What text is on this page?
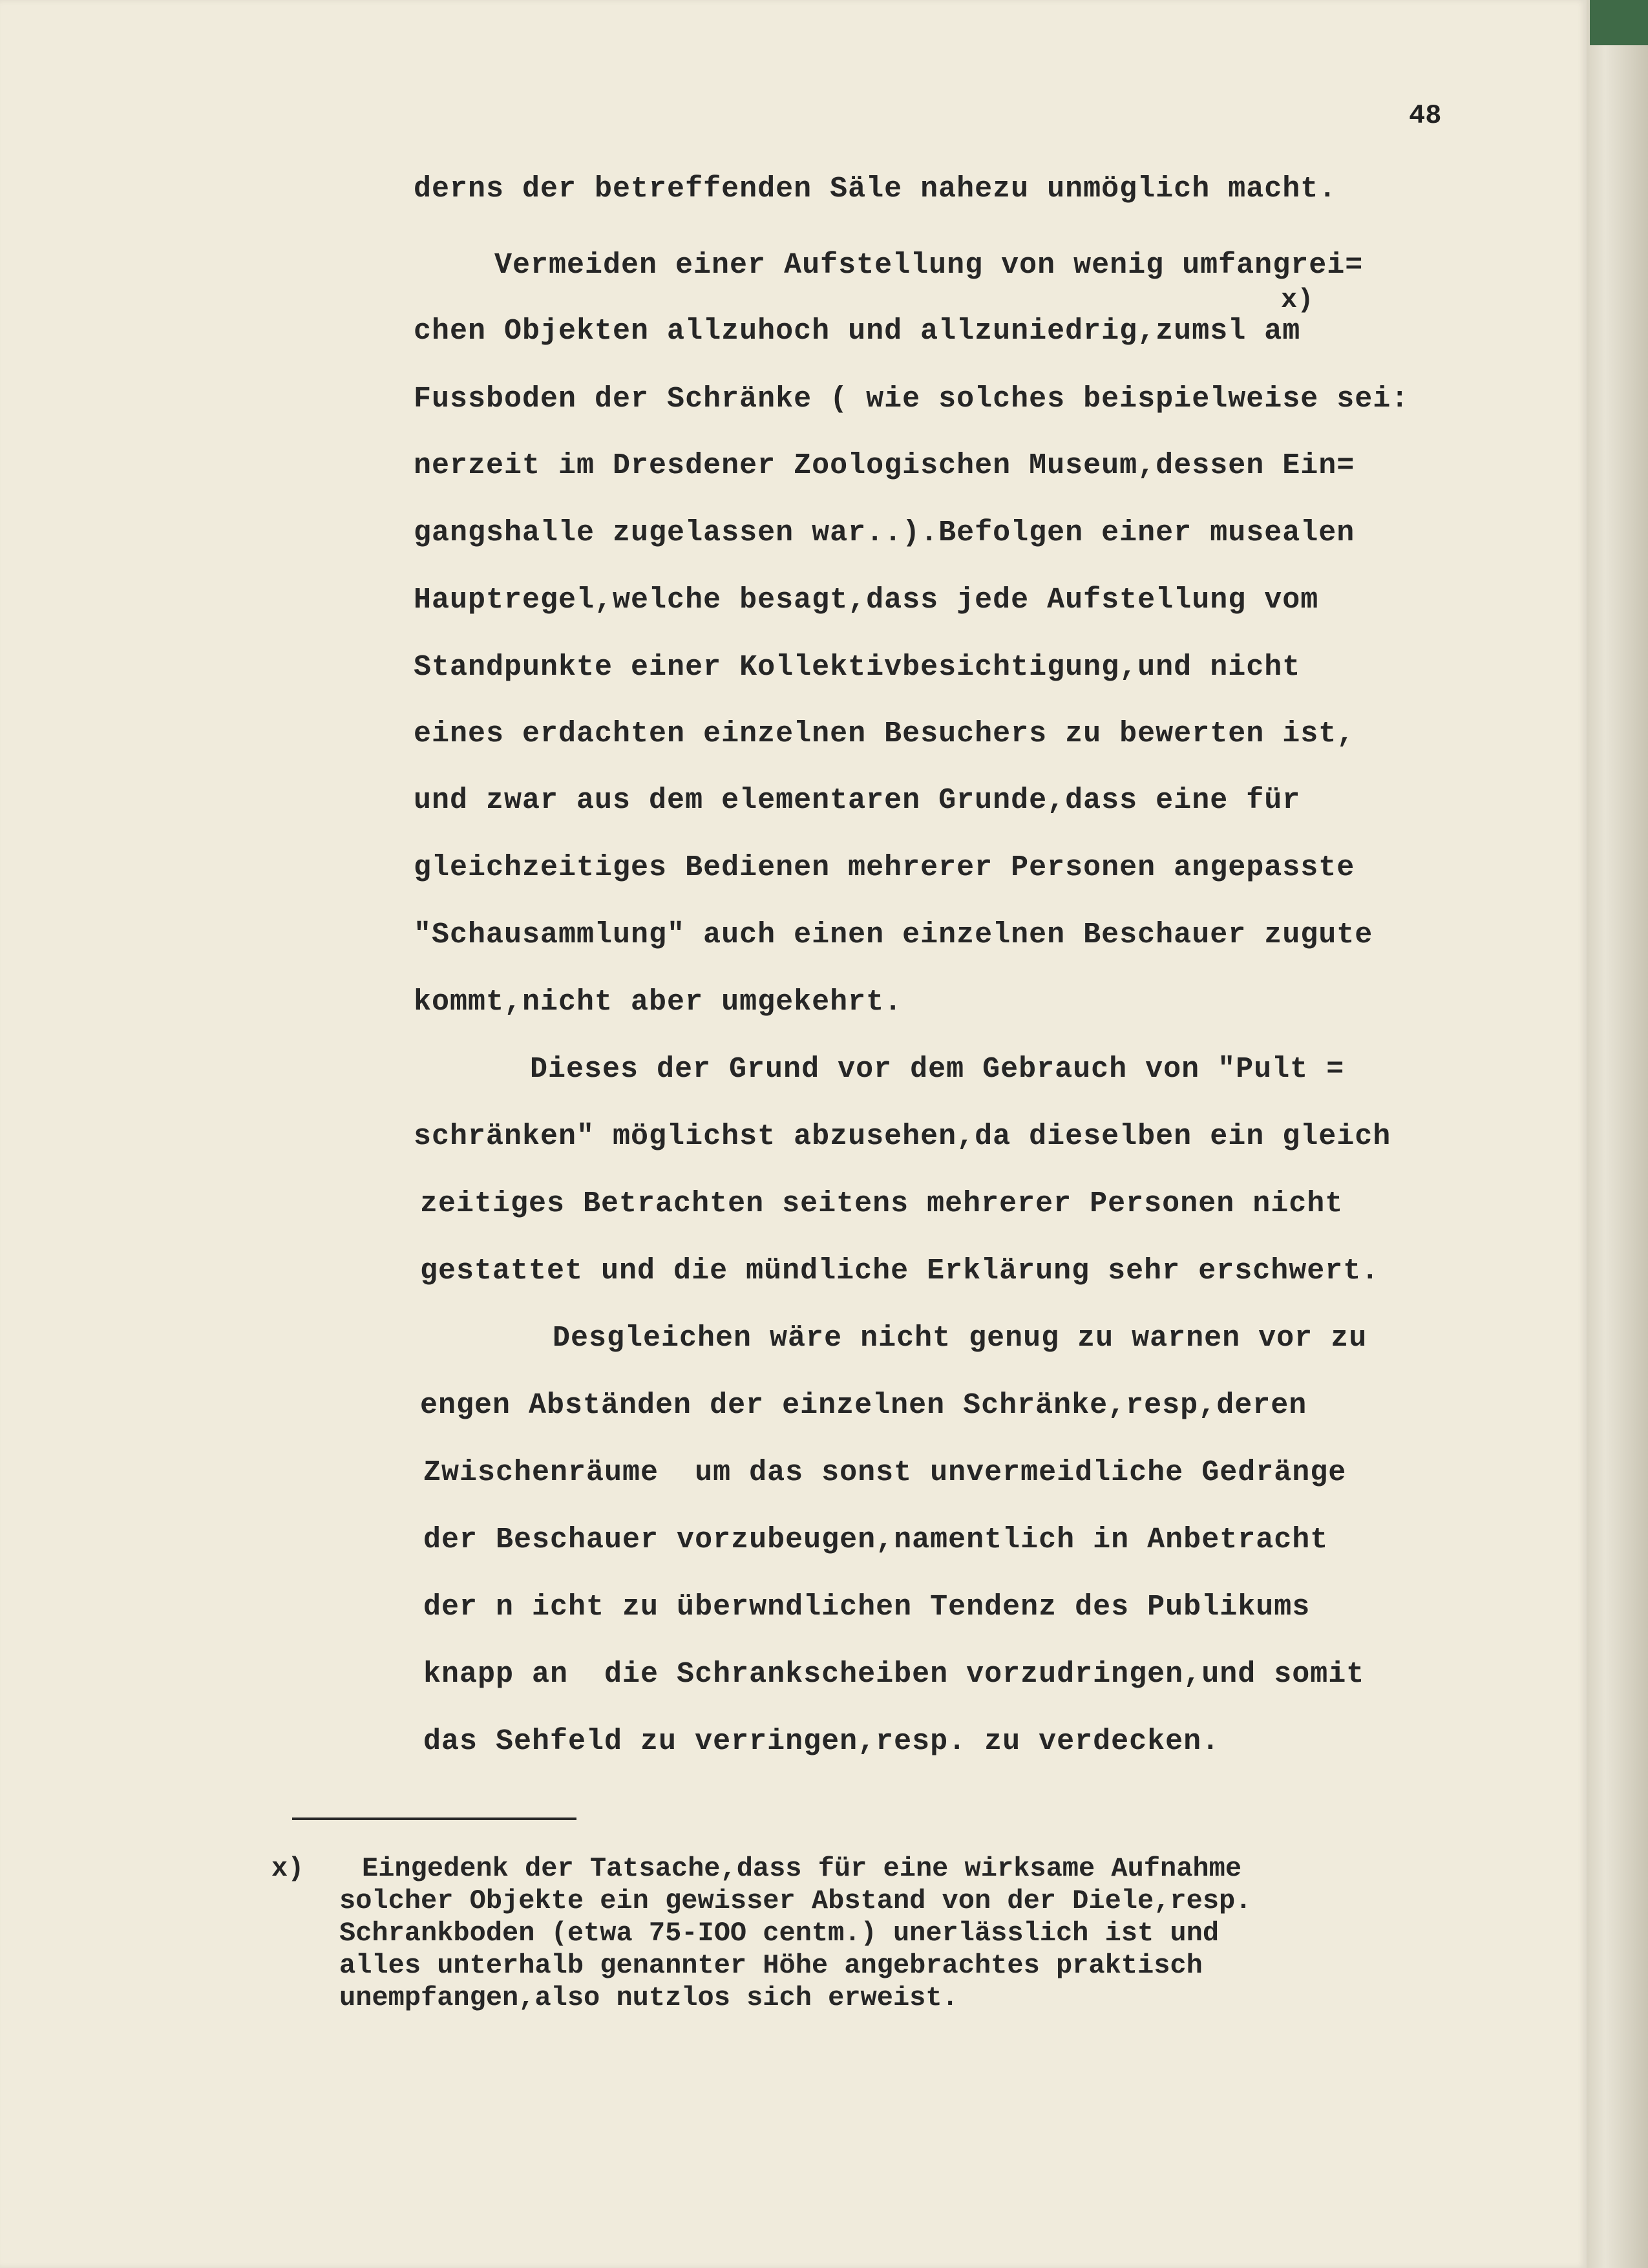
48
derns der betreffenden Säle nahezu unmöglich macht.
Vermeiden einer Aufstellung von wenig umfangrei=
chen Objekten allzuhoch und allzuniedrig,zumsl am
Fussboden der Schränke ( wie solches beispielweise sei:
nerzeit im Dresdener Zoologischen Museum,dessen Ein=
gangshalle zugelassen war..).Befolgen einer musealen
Hauptregel,welche besagt,dass jede Aufstellung vom
Standpunkte einer Kollektivbesichtigung,und nicht
eines erdachten einzelnen Besuchers zu bewerten ist,
und zwar aus dem elementaren Grunde,dass eine für
gleichzeitiges Bedienen mehrerer Personen angepasste
"Schausammlung" auch einen einzelnen Beschauer zugute
kommt,nicht aber umgekehrt.
Dieses der Grund vor dem Gebrauch von "Pult =
schränken" möglichst abzusehen,da dieselben ein gleich
zeitiges Betrachten seitens mehrerer Personen nicht
gestattet und die mündliche Erklärung sehr erschwert.
Desgleichen wäre nicht genug zu warnen vor zu
engen Abständen der einzelnen Schränke,resp,deren
Zwischenräume  um das sonst unvermeidliche Gedränge
der Beschauer vorzubeugen,namentlich in Anbetracht
der n icht zu überwndlichen Tendenz des Publikums
knapp an  die Schrankscheiben vorzudringen,und somit
das Sehfeld zu verringen,resp. zu verdecken.
x)
x) Eingedenk der Tatsache,dass für eine wirksame Aufnahme
solcher Objekte ein gewisser Abstand von der Diele,resp.
Schrankboden (etwa 75-IOO centm.) unerlässlich ist und
alles unterhalb genannter Höhe angebrachtes praktisch
unempfangen,also nutzlos sich erweist.
